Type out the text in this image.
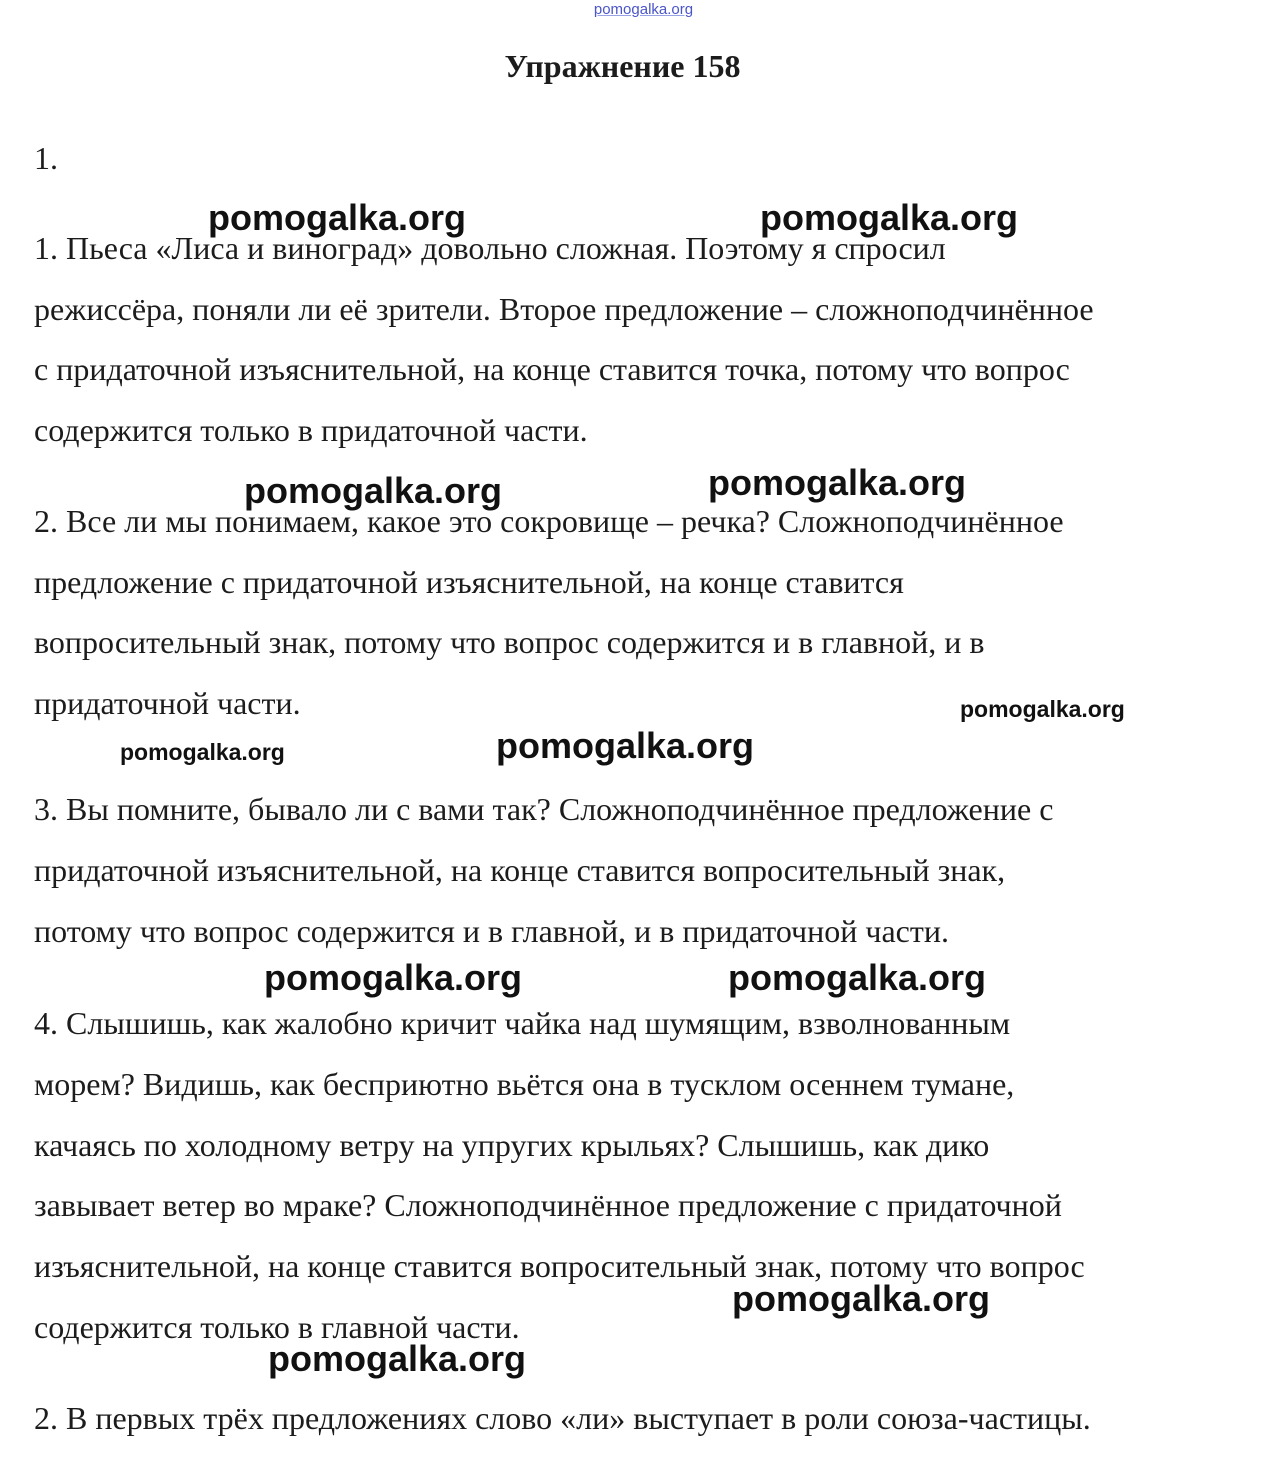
pomogalka.org
Упражнение 158

1.

1. Пьеса «Лиса и виноград» довольно сложная. Поэтому я спросил

режиссёра, поняли ли её зрители. Второе предложение – сложноподчинённое

с придаточной изъяснительной, на конце ставится точка, потому что вопрос

содержится только в придаточной части.

2. Все ли мы понимаем, какое это сокровище – речка? Сложноподчинённое

предложение с придаточной изъяснительной, на конце ставится

вопросительный знак, потому что вопрос содержится и в главной, и в

придаточной части.

3. Вы помните, бывало ли с вами так? Сложноподчинённое предложение с

придаточной изъяснительной, на конце ставится вопросительный знак,

потому что вопрос содержится и в главной, и в придаточной части.

4. Слышишь, как жалобно кричит чайка над шумящим, взволнованным

морем? Видишь, как бесприютно вьётся она в тусклом осеннем тумане,

качаясь по холодному ветру на упругих крыльях? Слышишь, как дико

завывает ветер во мраке? Сложноподчинённое предложение с придаточной

изъяснительной, на конце ставится вопросительный знак, потому что вопрос

содержится только в главной части.

2. В первых трёх предложениях слово «ли» выступает в роли союза-частицы.

pomogalka.org	pomogalka.org
pomogalka.org	pomogalka.org
pomogalka.org
pomogalka.org	pomogalka.org
pomogalka.org	pomogalka.org
pomogalka.org
pomogalka.org
